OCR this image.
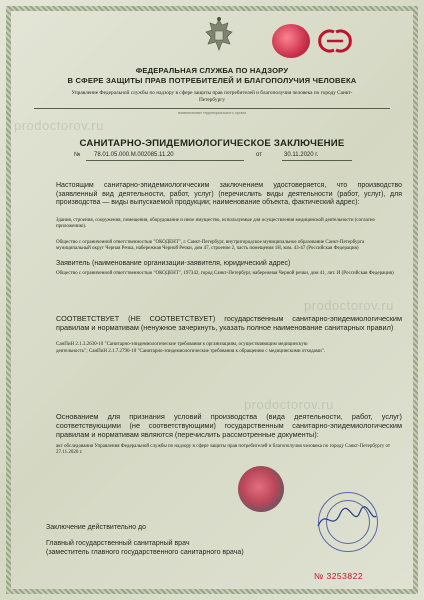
ФЕДЕРАЛЬНАЯ СЛУЖБА ПО НАДЗОРУ
В СФЕРЕ ЗАЩИТЫ ПРАВ ПОТРЕБИТЕЛЕЙ И БЛАГОПОЛУЧИЯ ЧЕЛОВЕКА
Управление Федеральной службы по надзору в сфере защиты прав потребителей и благополучия человека по городу Санкт-
Петербургу
наименование территориального органа
prodoctorov.ru
САНИТАРНО-ЭПИДЕМИОЛОГИЧЕСКОЕ ЗАКЛЮЧЕНИЕ
№ 78.01.05.000.М.002085.11.20	от	30.11.2020 г.
Настоящим санитарно-эпидемиологическим заключением удостоверяется, что производство (заявленный вид деятельности, работ, услуг) (перечислить виды деятельности (работ, услуг), для производства — виды выпускаемой продукции; наименование объекта, фактический адрес):
Здания, строения, сооружения, помещения, оборудование и иное имущество, используемые для осуществления медицинской деятельности (согласно приложению).
Общество с ограниченной ответственностью "ОКОДЕНТ", г. Санкт-Петербург, внутригородское муниципальное образование Санкт-Петербурга муниципальный округ Черная Речка, набережная Черной Речки, дом 47, строение 2, часть помещения 1Н, ком. 43-47 (Российская Федерация)
Заявитель (наименование организации-заявителя, юридический адрес)
Общество с ограниченной ответственностью "ОКОДЕНТ", 197342, город Санкт-Петербург, набережная Черной речки, дом 41, лит. И (Российская Федерация)
prodoctorov.ru
СООТВЕТСТВУЕТ (НЕ СООТВЕТСТВУЕТ) государственным санитарно-эпидемиологическим правилам и нормативам (ненужное зачеркнуть, указать полное наименование санитарных правил)
СанПиН 2.1.3.2630-10 "Санитарно-эпидемиологические требования к организациям, осуществляющим медицинскую
деятельность"; СанПиН 2.1.7.2790-10 "Санитарно-эпидемиологические требования к обращению с медицинскими отходами".
prodoctorov.ru
Основанием для признания условий производства (вида деятельности, работ, услуг) соответствующими (не соответствующими) государственным санитарно-эпидемиологическим правилам и нормативам являются (перечислить рассмотренные документы):
акт обследования Управления Федеральной службы по надзору в сфере защиты прав потребителей и благополучия человека по городу Санкт-Петербургу от 27.11.2020 г.
Заключение действительно до
Главный государственный санитарный врач
(заместитель главного государственного санитарного врача)
№ 3253822
